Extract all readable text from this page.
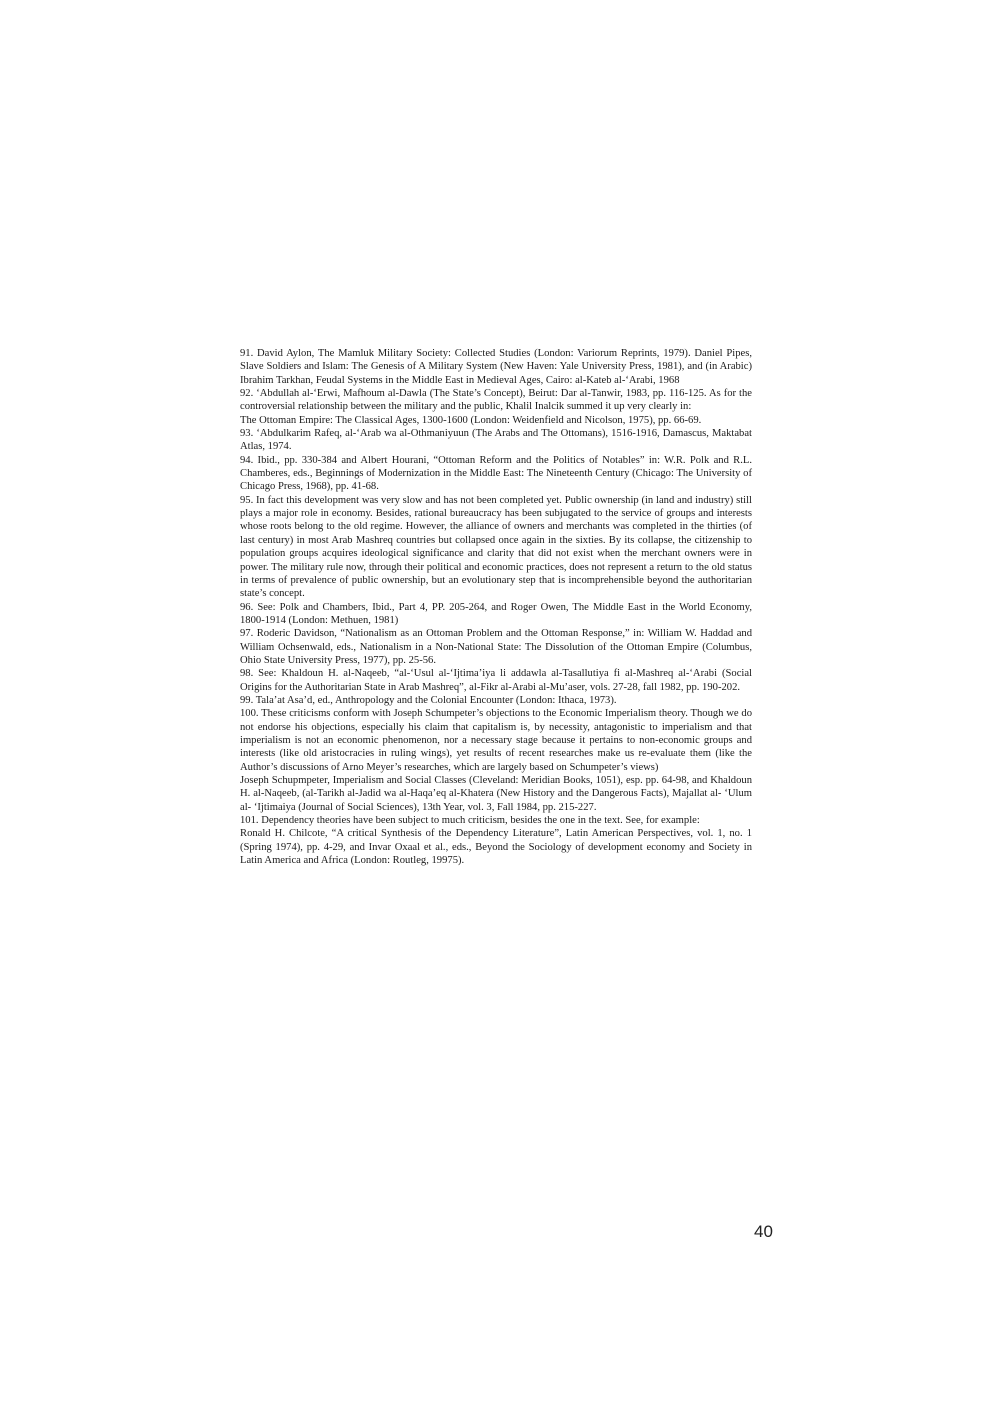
91. David Aylon, The Mamluk Military Society: Collected Studies (London: Variorum Reprints, 1979). Daniel Pipes, Slave Soldiers and Islam: The Genesis of A Military System (New Haven: Yale University Press, 1981), and (in Arabic) Ibrahim Tarkhan, Feudal Systems in the Middle East in Medieval Ages, Cairo: al-Kateb al-‘Arabi, 1968

92. ‘Abdullah al-‘Erwi, Mafhoum al-Dawla (The State’s Concept), Beirut: Dar al-Tanwir, 1983, pp. 116-125. As for the controversial relationship between the military and the public, Khalil Inalcik summed it up very clearly in:

The Ottoman Empire: The Classical Ages, 1300-1600 (London: Weidenfield and Nicolson, 1975), pp. 66-69.

93. ‘Abdulkarim Rafeq, al-‘Arab wa al-Othmaniyuun (The Arabs and The Ottomans), 1516-1916, Damascus, Maktabat Atlas, 1974.

94. Ibid., pp. 330-384 and Albert Hourani, “Ottoman Reform and the Politics of Notables” in: W.R. Polk and R.L. Chamberes, eds., Beginnings of Modernization in the Middle East: The Nineteenth Century (Chicago: The University of Chicago Press, 1968), pp. 41-68.

95. In fact this development was very slow and has not been completed yet. Public ownership (in land and industry) still plays a major role in economy. Besides, rational bureaucracy has been subjugated to the service of groups and interests whose roots belong to the old regime. However, the alliance of owners and merchants was completed in the thirties (of last century) in most Arab Mashreq countries but collapsed once again in the sixties. By its collapse, the citizenship to population groups acquires ideological significance and clarity that did not exist when the merchant owners were in power. The military rule now, through their political and economic practices, does not represent a return to the old status in terms of prevalence of public ownership, but an evolutionary step that is incomprehensible beyond the authoritarian state’s concept.

96. See: Polk and Chambers, Ibid., Part 4, PP. 205-264, and Roger Owen, The Middle East in the World Economy, 1800-1914 (London: Methuen, 1981)

97. Roderic Davidson, “Nationalism as an Ottoman Problem and the Ottoman Response,” in: William W. Haddad and William Ochsenwald, eds., Nationalism in a Non-National State: The Dissolution of the Ottoman Empire (Columbus, Ohio State University Press, 1977), pp. 25-56.

98. See: Khaldoun H. al-Naqeeb, “al-‘Usul al-‘Ijtima’iya li addawla al-Tasallutiya fi al-Mashreq al-‘Arabi (Social Origins for the Authoritarian State in Arab Mashreq”, al-Fikr al-Arabi al-Mu’aser, vols. 27-28, fall 1982, pp. 190-202.

99. Tala’at Asa’d, ed., Anthropology and the Colonial Encounter (London: Ithaca, 1973).

100. These criticisms conform with Joseph Schumpeter’s objections to the Economic Imperialism theory. Though we do not endorse his objections, especially his claim that capitalism is, by necessity, antagonistic to imperialism and that imperialism is not an economic phenomenon, nor a necessary stage because it pertains to non-economic groups and interests (like old aristocracies in ruling wings), yet results of recent researches make us re-evaluate them (like the Author’s discussions of Arno Meyer’s researches, which are largely based on Schumpeter’s views)

Joseph Schupmpeter, Imperialism and Social Classes (Cleveland: Meridian Books, 1051), esp. pp. 64-98, and Khaldoun H. al-Naqeeb, (al-Tarikh al-Jadid wa al-Haqa’eq al-Khatera (New History and the Dangerous Facts), Majallat al- ‘Ulum al- ‘Ijtimaiya (Journal of Social Sciences), 13th Year, vol. 3, Fall 1984, pp. 215-227.

101. Dependency theories have been subject to much criticism, besides the one in the text. See, for example:

Ronald H. Chilcote, “A critical Synthesis of the Dependency Literature”, Latin American Perspectives, vol. 1, no. 1 (Spring 1974), pp. 4-29, and Invar Oxaal et al., eds., Beyond the Sociology of development economy and Society in Latin America and Africa (London: Routleg, 19975).

40
